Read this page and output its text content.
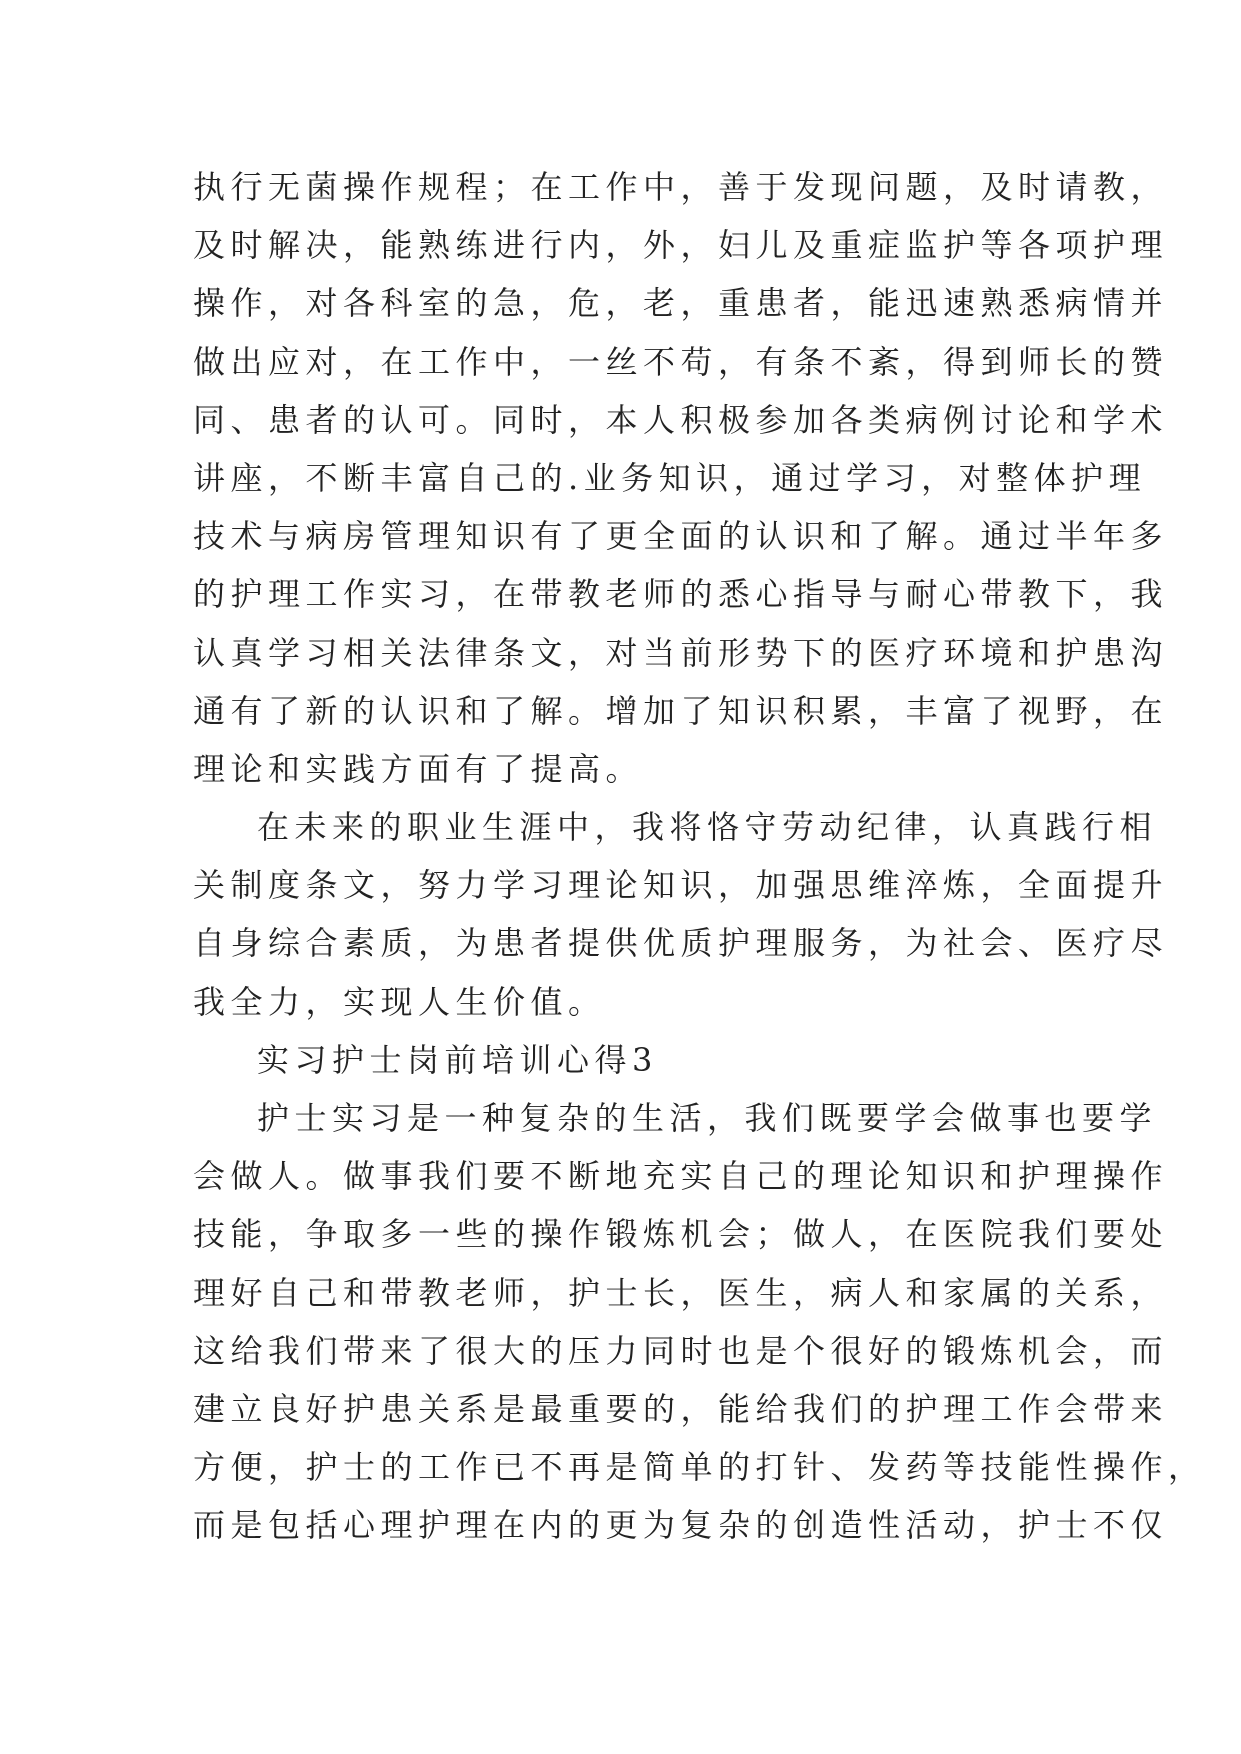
执行无菌操作规程；在工作中，善于发现问题，及时请教，
及时解决，能熟练进行内，外，妇儿及重症监护等各项护理
操作，对各科室的急，危，老，重患者，能迅速熟悉病情并
做出应对，在工作中，一丝不苟，有条不紊，得到师长的赞
同、患者的认可。同时，本人积极参加各类病例讨论和学术
讲座，不断丰富自己的.业务知识，通过学习，对整体护理
技术与病房管理知识有了更全面的认识和了解。通过半年多
的护理工作实习，在带教老师的悉心指导与耐心带教下，我
认真学习相关法律条文，对当前形势下的医疗环境和护患沟
通有了新的认识和了解。增加了知识积累，丰富了视野，在
理论和实践方面有了提高。
在未来的职业生涯中，我将恪守劳动纪律，认真践行相
关制度条文，努力学习理论知识，加强思维淬炼，全面提升
自身综合素质，为患者提供优质护理服务，为社会、医疗尽
我全力，实现人生价值。
实习护士岗前培训心得3
护士实习是一种复杂的生活，我们既要学会做事也要学
会做人。做事我们要不断地充实自己的理论知识和护理操作
技能，争取多一些的操作锻炼机会；做人，在医院我们要处
理好自己和带教老师，护士长，医生，病人和家属的关系，
这给我们带来了很大的压力同时也是个很好的锻炼机会，而
建立良好护患关系是最重要的，能给我们的护理工作会带来
方便，护士的工作已不再是简单的打针、发药等技能性操作，
而是包括心理护理在内的更为复杂的创造性活动，护士不仅
